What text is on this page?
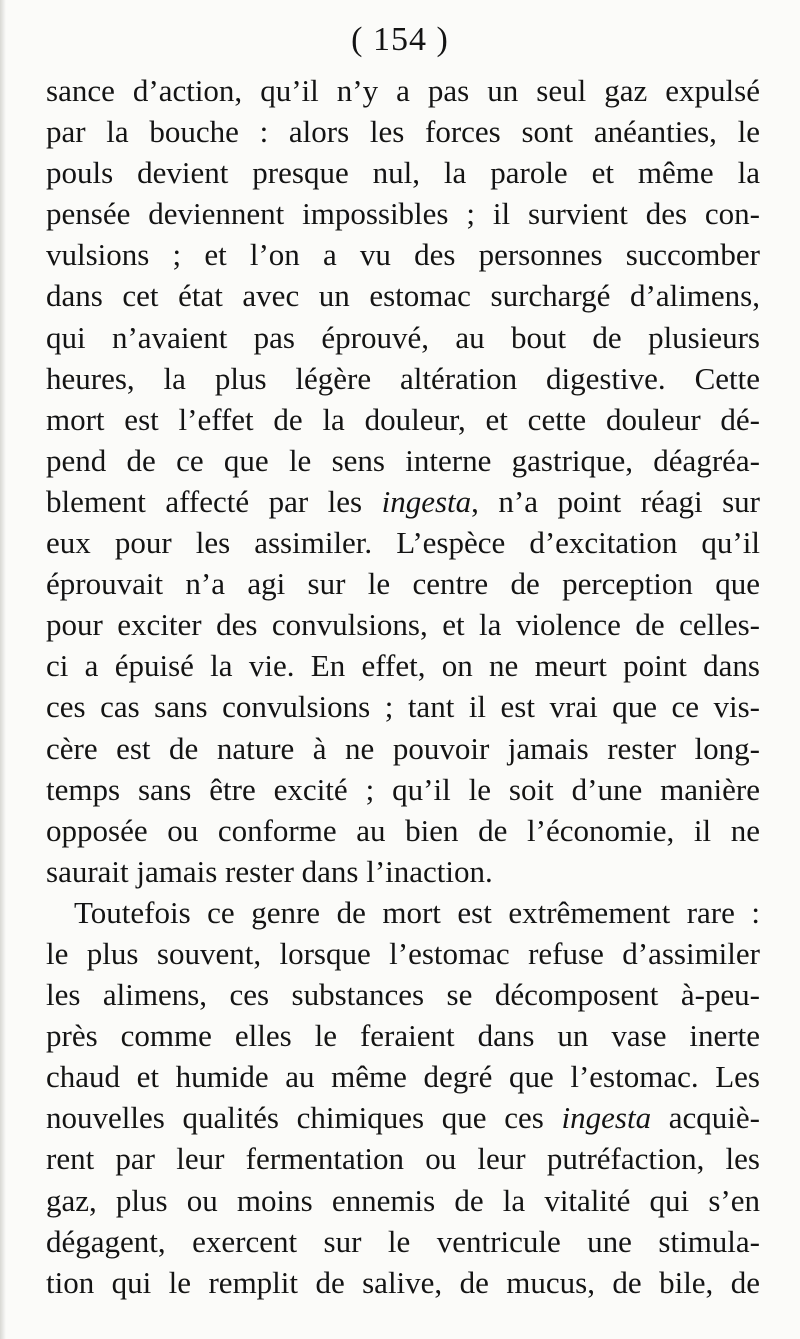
( 154 )
sance d’action, qu’il n’y a pas un seul gaz expulsé
par la bouche : alors les forces sont anéanties, le
pouls devient presque nul, la parole et même la
pensée deviennent impossibles ; il survient des con-
vulsions ; et l’on a vu des personnes succomber
dans cet état avec un estomac surchargé d’alimens,
qui n’avaient pas éprouvé, au bout de plusieurs
heures, la plus légère altération digestive. Cette
mort est l’effet de la douleur, et cette douleur dé-
pend de ce que le sens interne gastrique, déagréa-
blement affecté par les ingesta, n’a point réagi sur
eux pour les assimiler. L’espèce d’excitation qu’il
éprouvait n’a agi sur le centre de perception que
pour exciter des convulsions, et la violence de celles-
ci a épuisé la vie. En effet, on ne meurt point dans
ces cas sans convulsions ; tant il est vrai que ce vis-
cère est de nature à ne pouvoir jamais rester long-
temps sans être excité ; qu’il le soit d’une manière
opposée ou conforme au bien de l’économie, il ne
saurait jamais rester dans l’inaction.
Toutefois ce genre de mort est extrêmement rare :
le plus souvent, lorsque l’estomac refuse d’assimiler
les alimens, ces substances se décomposent à-peu-
près comme elles le feraient dans un vase inerte
chaud et humide au même degré que l’estomac. Les
nouvelles qualités chimiques que ces ingesta acquiè-
rent par leur fermentation ou leur putréfaction, les
gaz, plus ou moins ennemis de la vitalité qui s’en
dégagent, exercent sur le ventricule une stimula-
tion qui le remplit de salive, de mucus, de bile, de
